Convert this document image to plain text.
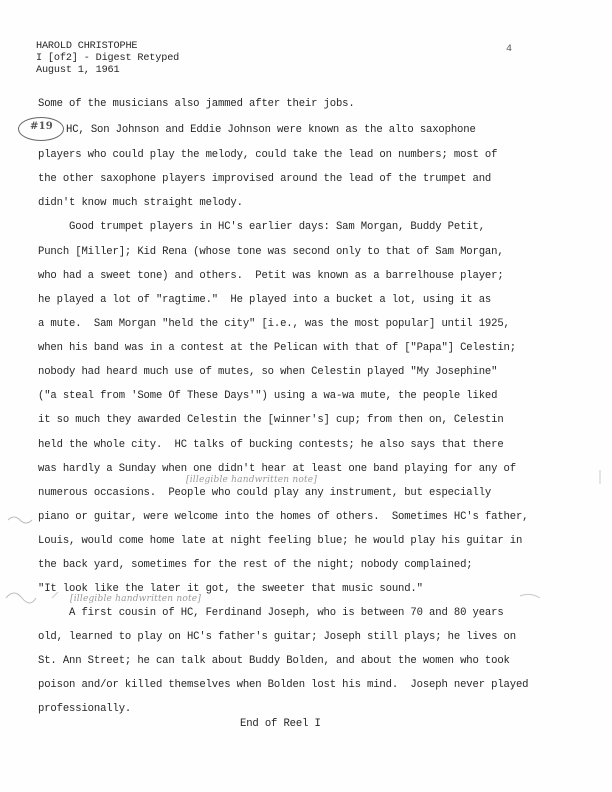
HAROLD CHRISTOPHE
I [of2] - Digest Retyped
August 1, 1961
4
Some of the musicians also jammed after their jobs.
HC, Son Johnson and Eddie Johnson were known as the alto saxophone
players who could play the melody, could take the lead on numbers; most of
the other saxophone players improvised around the lead of the trumpet and
didn't know much straight melody.
Good trumpet players in HC's earlier days: Sam Morgan, Buddy Petit,
Punch [Miller]; Kid Rena (whose tone was second only to that of Sam Morgan,
who had a sweet tone) and others.  Petit was known as a barrelhouse player;
he played a lot of "ragtime."  He played into a bucket a lot, using it as
a mute.  Sam Morgan "held the city" [i.e., was the most popular] until 1925,
when his band was in a contest at the Pelican with that of ["Papa"] Celestin;
nobody had heard much use of mutes, so when Celestin played "My Josephine"
("a steal from 'Some Of These Days'") using a wa-wa mute, the people liked
it so much they awarded Celestin the [winner's] cup; from then on, Celestin
held the whole city.  HC talks of bucking contests; he also says that there
was hardly a Sunday when one didn't hear at least one band playing for any of
numerous occasions.  People who could play any instrument, but especially
piano or guitar, were welcome into the homes of others.  Sometimes HC's father,
Louis, would come home late at night feeling blue; he would play his guitar in
the back yard, sometimes for the rest of the night; nobody complained;
"It look like the later it got, the sweeter that music sound."
A first cousin of HC, Ferdinand Joseph, who is between 70 and 80 years
old, learned to play on HC's father's guitar; Joseph still plays; he lives on
St. Ann Street; he can talk about Buddy Bolden, and about the women who took
poison and/or killed themselves when Bolden lost his mind.  Joseph never played
professionally.
End of Reel I
#19
[illegible handwritten note]
[illegible handwritten note]
